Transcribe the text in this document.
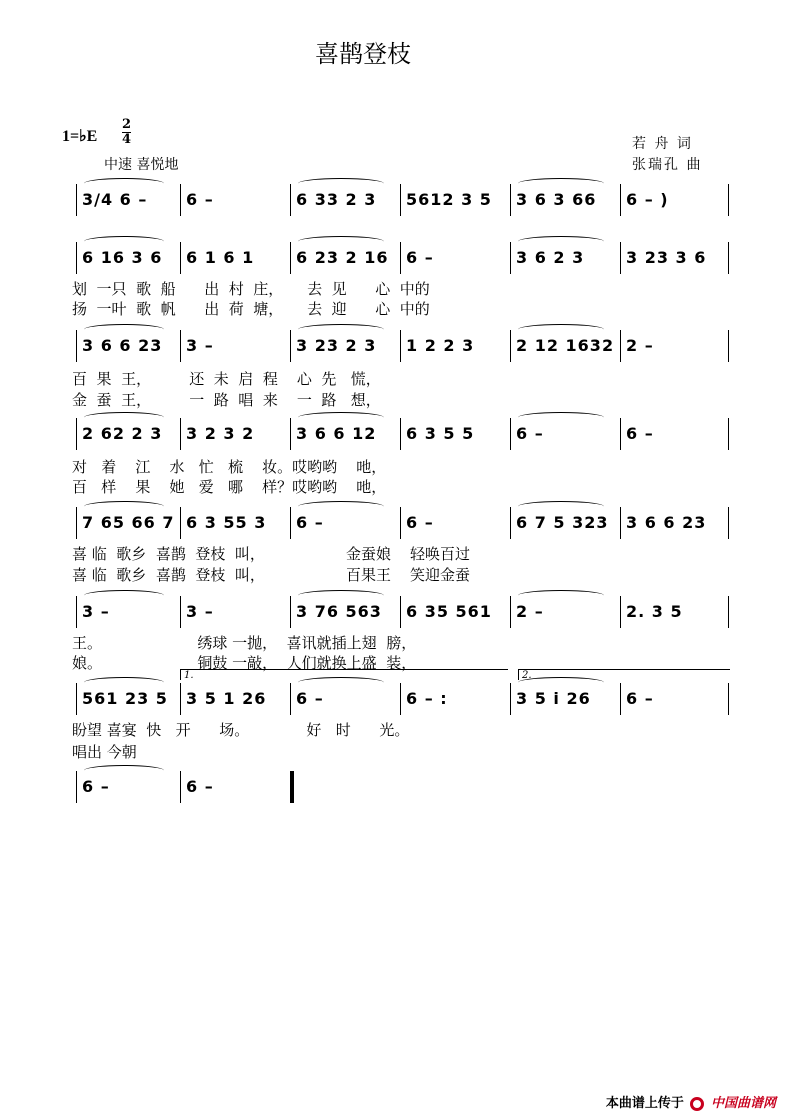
喜鹊登枝
1=♭E
2
4
中速 喜悦地
若 舟 词
张瑞孔 曲
3/4 6 –	6 –	6 33 2 3	5612 3 5	3 6 3 66	6 – )
6 16 3 6	6 1 6 1	6 23 2 16	6 –	3 6 2 3	3 23 3 6
3 6 6 23	3 –	3 23 2 3	1 2 2 3	2 12 1632 2 –
2 62 2 3	3 2 3 2	3 6 6 12	6 3 5 5	6 –	6 –
7 65 66 7 6 3 55 3	6 –	6 –	6 7 5 323	3 6 6 23
3 –	3 –	3 76 563	6 35 561	2 –	2. 3 5
561 23 5	3 5 1 26	6 –	6 – :	3 5 i 26	6 –
1.	2.
6 –	6 –
划  一只  歌  船      出  村  庄，     去  见      心  中的
扬  一叶  歌  帆      出  荷  塘，     去  迎      心  中的
百  果  王，        还  未  启  程    心  先   慌，
金  蚕  王，        一  路  唱  来    一  路   想，
对   着    江    水   忙   梳    妆。哎哟哟    吔，
百   样    果    她   爱   哪    样？哎哟哟    吔，
喜 临  歌乡  喜鹊  登枝  叫，                 金蚕娘    轻唤百过
喜 临  歌乡  喜鹊  登枝  叫，                 百果王    笑迎金蚕
王。                    绣球 一抛，  喜讯就插上翅  膀，
娘。                    铜鼓 一敲，  人们就换上盛  装，
盼望 喜宴  快   开      场。            好   时      光。
唱出 今朝
本曲谱上传于 中国曲谱网
